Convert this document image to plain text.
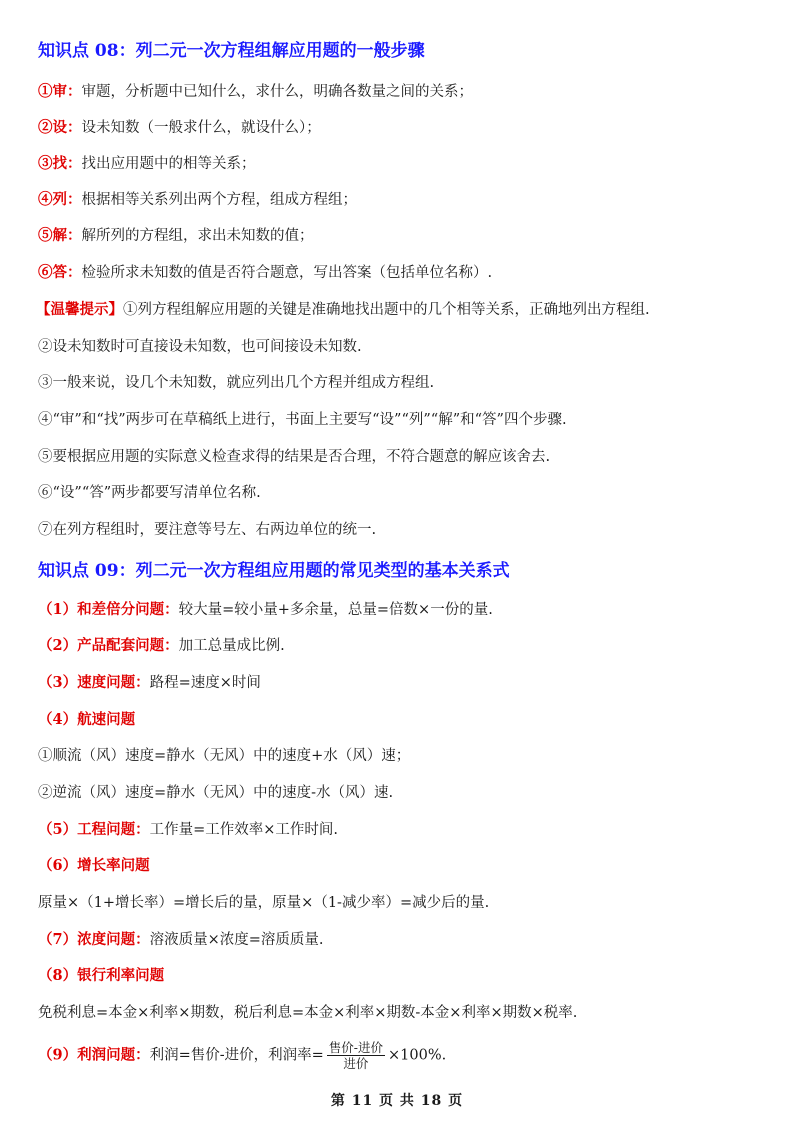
知识点 08：列二元一次方程组解应用题的一般步骤
①审：审题，分析题中已知什么，求什么，明确各数量之间的关系；
②设：设未知数（一般求什么，就设什么）；
③找：找出应用题中的相等关系；
④列：根据相等关系列出两个方程，组成方程组；
⑤解：解所列的方程组，求出未知数的值；
⑥答：检验所求未知数的值是否符合题意，写出答案（包括单位名称）.
【温馨提示】①列方程组解应用题的关键是准确地找出题中的几个相等关系，正确地列出方程组.
②设未知数时可直接设未知数，也可间接设未知数.
③一般来说，设几个未知数，就应列出几个方程并组成方程组.
④“审”和“找”两步可在草稿纸上进行，书面上主要写“设”“列”“解”和“答”四个步骤.
⑤要根据应用题的实际意义检查求得的结果是否合理，不符合题意的解应该舍去.
⑥“设”“答”两步都要写清单位名称.
⑦在列方程组时，要注意等号左、右两边单位的统一.
知识点 09：列二元一次方程组应用题的常见类型的基本关系式
（1）和差倍分问题：较大量=较小量+多余量，总量=倍数×一份的量.
（2）产品配套问题：加工总量成比例.
（3）速度问题：路程=速度×时间
（4）航速问题
①顺流（风）速度=静水（无风）中的速度+水（风）速；
②逆流（风）速度=静水（无风）中的速度-水（风）速.
（5）工程问题：工作量=工作效率×工作时间.
（6）增长率问题
原量×（1+增长率）=增长后的量，原量×（1-减少率）=减少后的量.
（7）浓度问题：溶液质量×浓度=溶质质量.
（8）银行利率问题
免税利息=本金×利率×期数，税后利息=本金×利率×期数-本金×利率×期数×税率.
（9）利润问题：利润=售价-进价，利润率= $\frac{\text{售价-进价}}{\text{进价}} \times 100\%$.
第 11 页 共 18 页
